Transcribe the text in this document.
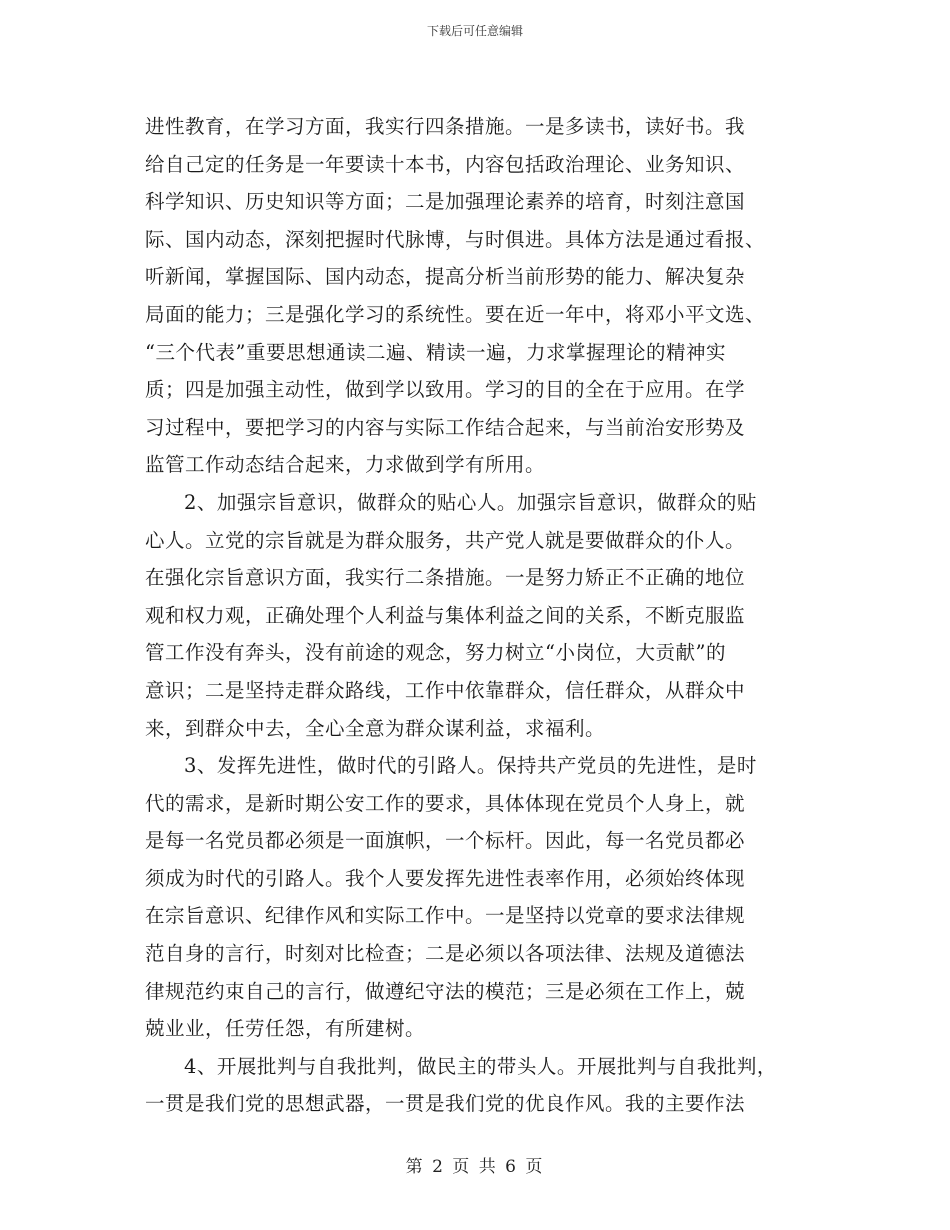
下载后可任意编辑

进性教育，在学习方面，我实行四条措施。一是多读书，读好书。我

给自己定的任务是一年要读十本书，内容包括政治理论、业务知识、

科学知识、历史知识等方面；二是加强理论素养的培育，时刻注意国

际、国内动态，深刻把握时代脉博，与时俱进。具体方法是通过看报、

听新闻，掌握国际、国内动态，提高分析当前形势的能力、解决复杂

局面的能力；三是强化学习的系统性。要在近一年中，将邓小平文选、

“三个代表”重要思想通读二遍、精读一遍，力求掌握理论的精神实

质；四是加强主动性，做到学以致用。学习的目的全在于应用。在学

习过程中，要把学习的内容与实际工作结合起来，与当前治安形势及

监管工作动态结合起来，力求做到学有所用。

2、加强宗旨意识，做群众的贴心人。加强宗旨意识，做群众的贴

心人。立党的宗旨就是为群众服务，共产党人就是要做群众的仆人。

在强化宗旨意识方面，我实行二条措施。一是努力矫正不正确的地位

观和权力观，正确处理个人利益与集体利益之间的关系，不断克服监

管工作没有奔头，没有前途的观念，努力树立“小岗位，大贡献”的

意识；二是坚持走群众路线，工作中依靠群众，信任群众，从群众中

来，到群众中去，全心全意为群众谋利益，求福利。

3、发挥先进性，做时代的引路人。保持共产党员的先进性，是时

代的需求，是新时期公安工作的要求，具体体现在党员个人身上，就

是每一名党员都必须是一面旗帜，一个标杆。因此，每一名党员都必

须成为时代的引路人。我个人要发挥先进性表率作用，必须始终体现

在宗旨意识、纪律作风和实际工作中。一是坚持以党章的要求法律规

范自身的言行，时刻对比检查；二是必须以各项法律、法规及道德法

律规范约束自己的言行，做遵纪守法的模范；三是必须在工作上，兢

兢业业，任劳任怨，有所建树。

4、开展批判与自我批判，做民主的带头人。开展批判与自我批判，

一贯是我们党的思想武器，一贯是我们党的优良作风。我的主要作法

第 2 页 共 6 页
